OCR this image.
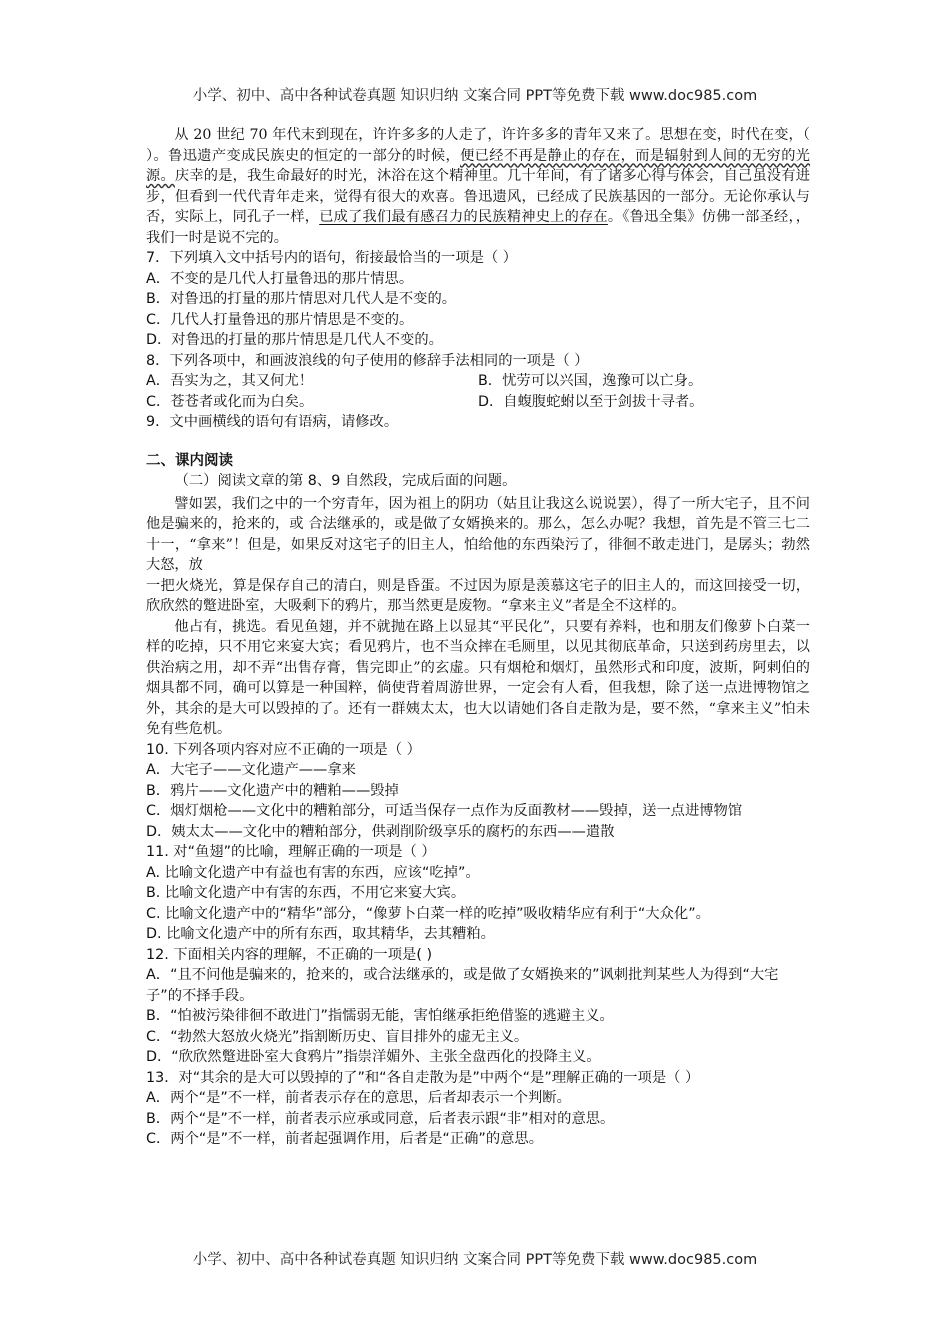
小学、初中、高中各种试卷真题 知识归纳 文案合同 PPT等免费下载 www.doc985.com

从 20 世纪 70 年代末到现在，许许多多的人走了，许许多多的青年又来了。思想在变，时代在变，（ ）。鲁迅遗产变成民族史的恒定的一部分的时候，便已经不再是静止的存在，而是辐射到人间的无穷的光源。庆幸的是，我生命最好的时光，沐浴在这个精神里。几十年间，有了诸多心得与体会，自己虽没有进步，但看到一代代青年走来，觉得有很大的欢喜。鲁迅遗风，已经成了民族基因的一部分。无论你承认与否，实际上，同孔子一样，已成了我们最有感召力的民族精神史上的存在。《鲁迅全集》仿佛一部圣经，，我们一时是说不完的。

7．下列填入文中括号内的语句，衔接最恰当的一项是（ ）

A．不变的是几代人打量鲁迅的那片情思。

B．对鲁迅的打量的那片情思对几代人是不变的。

C．几代人打量鲁迅的那片情思是不变的。

D．对鲁迅的打量的那片情思是几代人不变的。

8．下列各项中，和画波浪线的句子使用的修辞手法相同的一项是（ ）

A．吾实为之，其又何尤！	B．忧劳可以兴国，逸豫可以亡身。

C．苍苍者或化而为白矣。	D．自蝮腹蛇蚹以至于剑拔十寻者。

9．文中画横线的语句有语病，请修改。

二、课内阅读

（二）阅读文章的第 8、9 自然段，完成后面的问题。

譬如罢，我们之中的一个穷青年，因为祖上的阴功（姑且让我这么说说罢），得了一所大宅子，且不问他是骗来的，抢来的，或 合法继承的，或是做了女婿换来的。那么，怎么办呢？我想，首先是不管三七二十一，“拿来”！但是，如果反对这宅子的旧主人，怕给他的东西染污了，徘徊不敢走进门，是孱头；勃然大怒，放

一把火烧光，算是保存自己的清白，则是昏蛋。不过因为原是羡慕这宅子的旧主人的，而这回接受一切，欣欣然的蹩进卧室，大吸剩下的鸦片，那当然更是废物。“拿来主义”者是全不这样的。

他占有，挑选。看见鱼翅，并不就抛在路上以显其“平民化”，只要有养料，也和朋友们像萝卜白菜一样的吃掉，只不用它来宴大宾；看见鸦片，也不当众摔在毛厕里，以见其彻底革命，只送到药房里去，以供治病之用，却不弄“出售存膏，售完即止”的玄虚。只有烟枪和烟灯，虽然形式和印度，波斯，阿剌伯的烟具都不同，确可以算是一种国粹，倘使背着周游世界，一定会有人看，但我想，除了送一点进博物馆之外，其余的是大可以毁掉的了。还有一群姨太太，也大以请她们各自走散为是，要不然，“拿来主义”怕未免有些危机。

10. 下列各项内容对应不正确的一项是（ ）

A．大宅子——文化遗产——拿来

B．鸦片——文化遗产中的糟粕——毁掉

C．烟灯烟枪——文化中的糟粕部分，可适当保存一点作为反面教材——毁掉，送一点进博物馆

D．姨太太——文化中的糟粕部分，供剥削阶级享乐的腐朽的东西——遣散

11. 对“鱼翅”的比喻，理解正确的一项是（ ）

A. 比喻文化遗产中有益也有害的东西，应该“吃掉”。

B. 比喻文化遗产中有害的东西，不用它来宴大宾。

C. 比喻文化遗产中的“精华”部分，“像萝卜白菜一样的吃掉”吸收精华应有利于“大众化”。

D. 比喻文化遗产中的所有东西，取其精华，去其糟粕。

12. 下面相关内容的理解，不正确的一项是( )

A．“且不问他是骗来的，抢来的，或合法继承的，或是做了女婿换来的”讽刺批判某些人为得到“大宅子”的不择手段。

B．“怕被污染徘徊不敢进门”指懦弱无能，害怕继承拒绝借鉴的逃避主义。

C．“勃然大怒放火烧光”指割断历史、盲目排外的虚无主义。

D．“欣欣然蹩进卧室大食鸦片”指崇洋媚外、主张全盘西化的投降主义。

13．对“其余的是大可以毁掉的了”和“各自走散为是”中两个“是”理解正确的一项是（ ）

A．两个“是”不一样，前者表示存在的意思，后者却表示一个判断。

B．两个“是”不一样，前者表示应承或同意，后者表示跟“非”相对的意思。

C．两个“是”不一样，前者起强调作用，后者是“正确”的意思。

小学、初中、高中各种试卷真题 知识归纳 文案合同 PPT等免费下载 www.doc985.com
